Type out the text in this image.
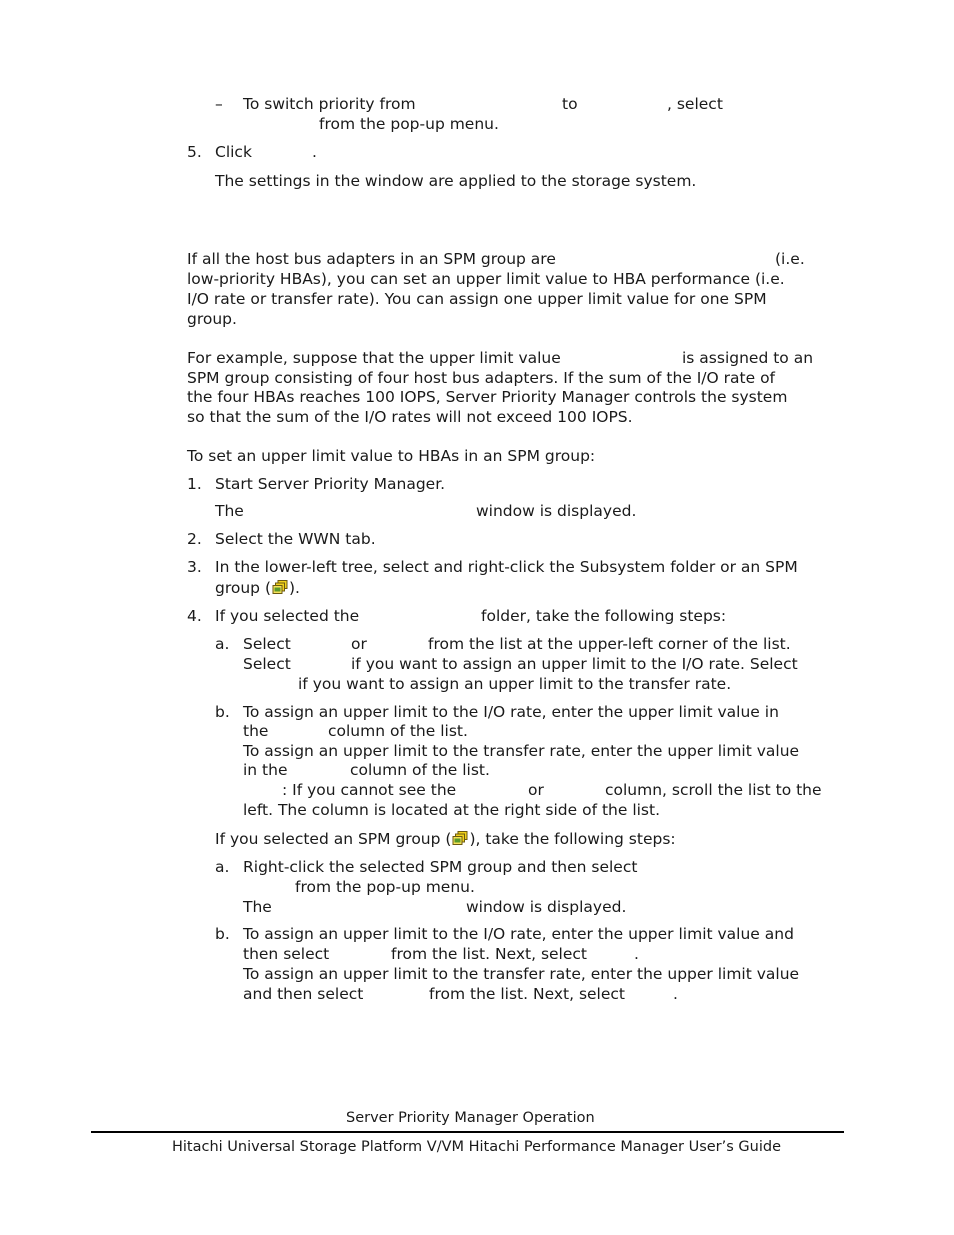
– To switch priority from	to	, select
from the pop-up menu.
5. Click	.
The settings in the window are applied to the storage system.
If all the host bus adapters in an SPM group are	(i.e.
low-priority HBAs), you can set an upper limit value to HBA performance (i.e.
I/O rate or transfer rate). You can assign one upper limit value for one SPM
group.
For example, suppose that the upper limit value	is assigned to an
SPM group consisting of four host bus adapters. If the sum of the I/O rate of
the four HBAs reaches 100 IOPS, Server Priority Manager controls the system
so that the sum of the I/O rates will not exceed 100 IOPS.
To set an upper limit value to HBAs in an SPM group:
1. Start Server Priority Manager.
The	window is displayed.
2. Select the WWN tab.
3. In the lower-left tree, select and right-click the Subsystem folder or an SPM
group ( ).
4. If you selected the	folder, take the following steps:
a. Select	or	from the list at the upper-left corner of the list.
Select	if you want to assign an upper limit to the I/O rate. Select
if you want to assign an upper limit to the transfer rate.
b. To assign an upper limit to the I/O rate, enter the upper limit value in
the	column of the list.
To assign an upper limit to the transfer rate, enter the upper limit value
in the	column of the list.
: If you cannot see the	or	column, scroll the list to the
left. The column is located at the right side of the list.
If you selected an SPM group ( ), take the following steps:
a. Right-click the selected SPM group and then select
from the pop-up menu.
The	window is displayed.
b. To assign an upper limit to the I/O rate, enter the upper limit value and
then select	from the list. Next, select	.
To assign an upper limit to the transfer rate, enter the upper limit value
and then select	from the list. Next, select	.
Server Priority Manager Operation
Hitachi Universal Storage Platform V/VM Hitachi Performance Manager User’s Guide
